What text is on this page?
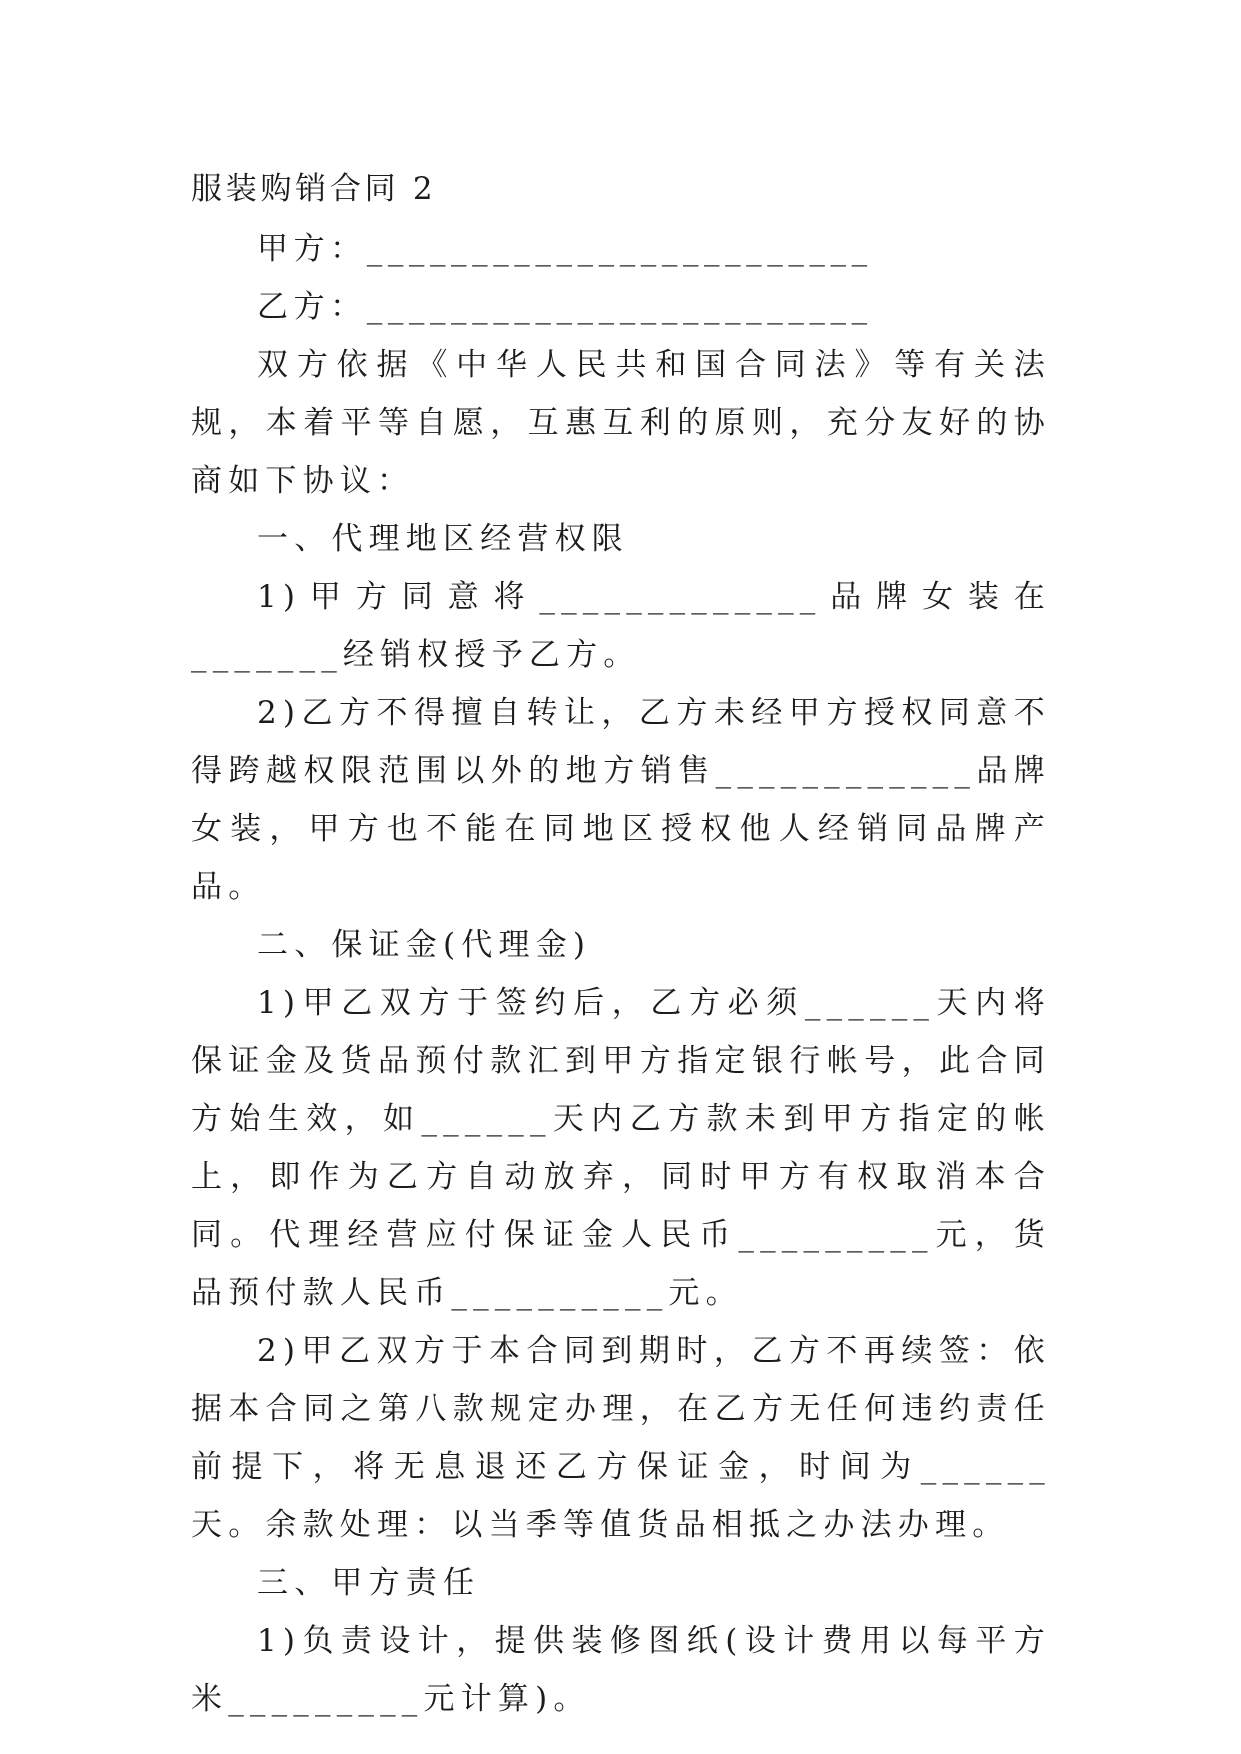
服装购销合同 2
甲方：________________________
乙方：________________________

双方依据《中华人民共和国合同法》等有关法规，本着平等自愿，互惠互利的原则，充分友好的协商如下协议：

一、代理地区经营权限

1)甲方同意将_____________品牌女装在_______经销权授予乙方。

2)乙方不得擅自转让，乙方未经甲方授权同意不得跨越权限范围以外的地方销售____________品牌女装，甲方也不能在同地区授权他人经销同品牌产品。

二、保证金(代理金)

1)甲乙双方于签约后，乙方必须______天内将保证金及货品预付款汇到甲方指定银行帐号，此合同方始生效，如______天内乙方款未到甲方指定的帐上，即作为乙方自动放弃，同时甲方有权取消本合同。代理经营应付保证金人民币_________元，货品预付款人民币__________元。

2)甲乙双方于本合同到期时，乙方不再续签：依据本合同之第八款规定办理，在乙方无任何违约责任前提下，将无息退还乙方保证金，时间为______天。余款处理：以当季等值货品相抵之办法办理。

三、甲方责任

1)负责设计，提供装修图纸(设计费用以每平方米_________元计算)。
